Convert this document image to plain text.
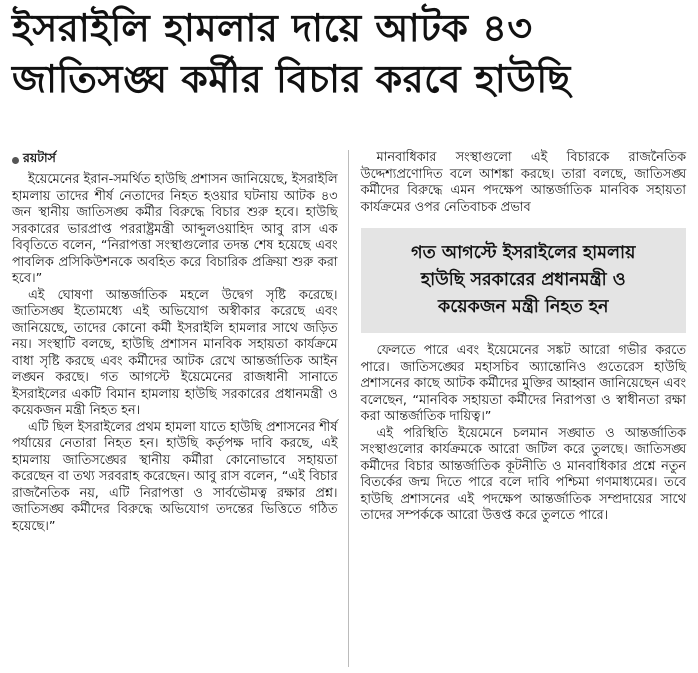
ইসরাইলি হামলার দায়ে আটক ৪৩
জাতিসঙ্ঘ কর্মীর বিচার করবে হাউছি
রয়টার্স

ইয়েমেনের ইরান-সমর্থিত হাউছি প্রশাসন জানিয়েছে, ইসরাইলি হামলায় তাদের শীর্ষ নেতাদের নিহত হওয়ার ঘটনায় আটক ৪৩ জন স্থানীয় জাতিসঙ্ঘ কর্মীর বিরুদ্ধে বিচার শুরু হবে। হাউছি সরকারের ভারপ্রাপ্ত পররাষ্ট্রমন্ত্রী আব্দুলওয়াহিদ আবু রাস এক বিবৃতিতে বলেন, “নিরাপত্তা সংস্থাগুলোর তদন্ত শেষ হয়েছে এবং পাবলিক প্রসিকিউশনকে অবহিত করে বিচারিক প্রক্রিয়া শুরু করা হবে।”

এই ঘোষণা আন্তর্জাতিক মহলে উদ্বেগ সৃষ্টি করেছে। জাতিসঙ্ঘ ইতোমধ্যে এই অভিযোগ অস্বীকার করেছে এবং জানিয়েছে, তাদের কোনো কর্মী ইসরাইলি হামলার সাথে জড়িত নয়। সংস্থাটি বলছে, হাউছি প্রশাসন মানবিক সহায়তা কার্যক্রমে বাধা সৃষ্টি করছে এবং কর্মীদের আটক রেখে আন্তর্জাতিক আইন লঙ্ঘন করছে। গত আগস্টে ইয়েমেনের রাজধানী সানাতে ইসরাইলের একটি বিমান হামলায় হাউছি সরকারের প্রধানমন্ত্রী ও কয়েকজন মন্ত্রী নিহত হন।

এটি ছিল ইসরাইলের প্রথম হামলা যাতে হাউছি প্রশাসনের শীর্ষ পর্যায়ের নেতারা নিহত হন। হাউছি কর্তৃপক্ষ দাবি করছে, এই হামলায় জাতিসঙ্ঘের স্থানীয় কর্মীরা কোনোভাবে সহায়তা করেছেন বা তথ্য সরবরাহ করেছেন। আবু রাস বলেন, “এই বিচার রাজনৈতিক নয়, এটি নিরাপত্তা ও সার্বভৌমত্ব রক্ষার প্রশ্ন। জাতিসঙ্ঘ কর্মীদের বিরুদ্ধে অভিযোগ তদন্তের ভিত্তিতে গঠিত হয়েছে।”

মানবাধিকার সংস্থাগুলো এই বিচারকে রাজনৈতিক উদ্দেশ্যপ্রণোদিত বলে আশঙ্কা করছে। তারা বলছে, জাতিসঙ্ঘ কর্মীদের বিরুদ্ধে এমন পদক্ষেপ আন্তর্জাতিক মানবিক সহায়তা কার্যক্রমের ওপর নেতিবাচক প্রভাব

গত আগস্টে ইসরাইলের হামলায়
হাউছি সরকারের প্রধানমন্ত্রী ও
কয়েকজন মন্ত্রী নিহত হন

ফেলতে পারে এবং ইয়েমেনের সঙ্কট আরো গভীর করতে পারে। জাতিসঙ্ঘের মহাসচিব অ্যান্তোনিও গুতেরেস হাউছি প্রশাসনের কাছে আটক কর্মীদের মুক্তির আহ্বান জানিয়েছেন এবং বলেছেন, “মানবিক সহায়তা কর্মীদের নিরাপত্তা ও স্বাধীনতা রক্ষা করা আন্তর্জাতিক দায়িত্ব।”

এই পরিস্থিতি ইয়েমেনে চলমান সঙ্ঘাত ও আন্তর্জাতিক সংস্থাগুলোর কার্যক্রমকে আরো জটিল করে তুলছে। জাতিসঙ্ঘ কর্মীদের বিচার আন্তর্জাতিক কূটনীতি ও মানবাধিকার প্রশ্নে নতুন বিতর্কের জন্ম দিতে পারে বলে দাবি পশ্চিমা গণমাধ্যমের। তবে হাউছি প্রশাসনের এই পদক্ষেপ আন্তর্জাতিক সম্প্রদায়ের সাথে তাদের সম্পর্ককে আরো উত্তপ্ত করে তুলতে পারে।
